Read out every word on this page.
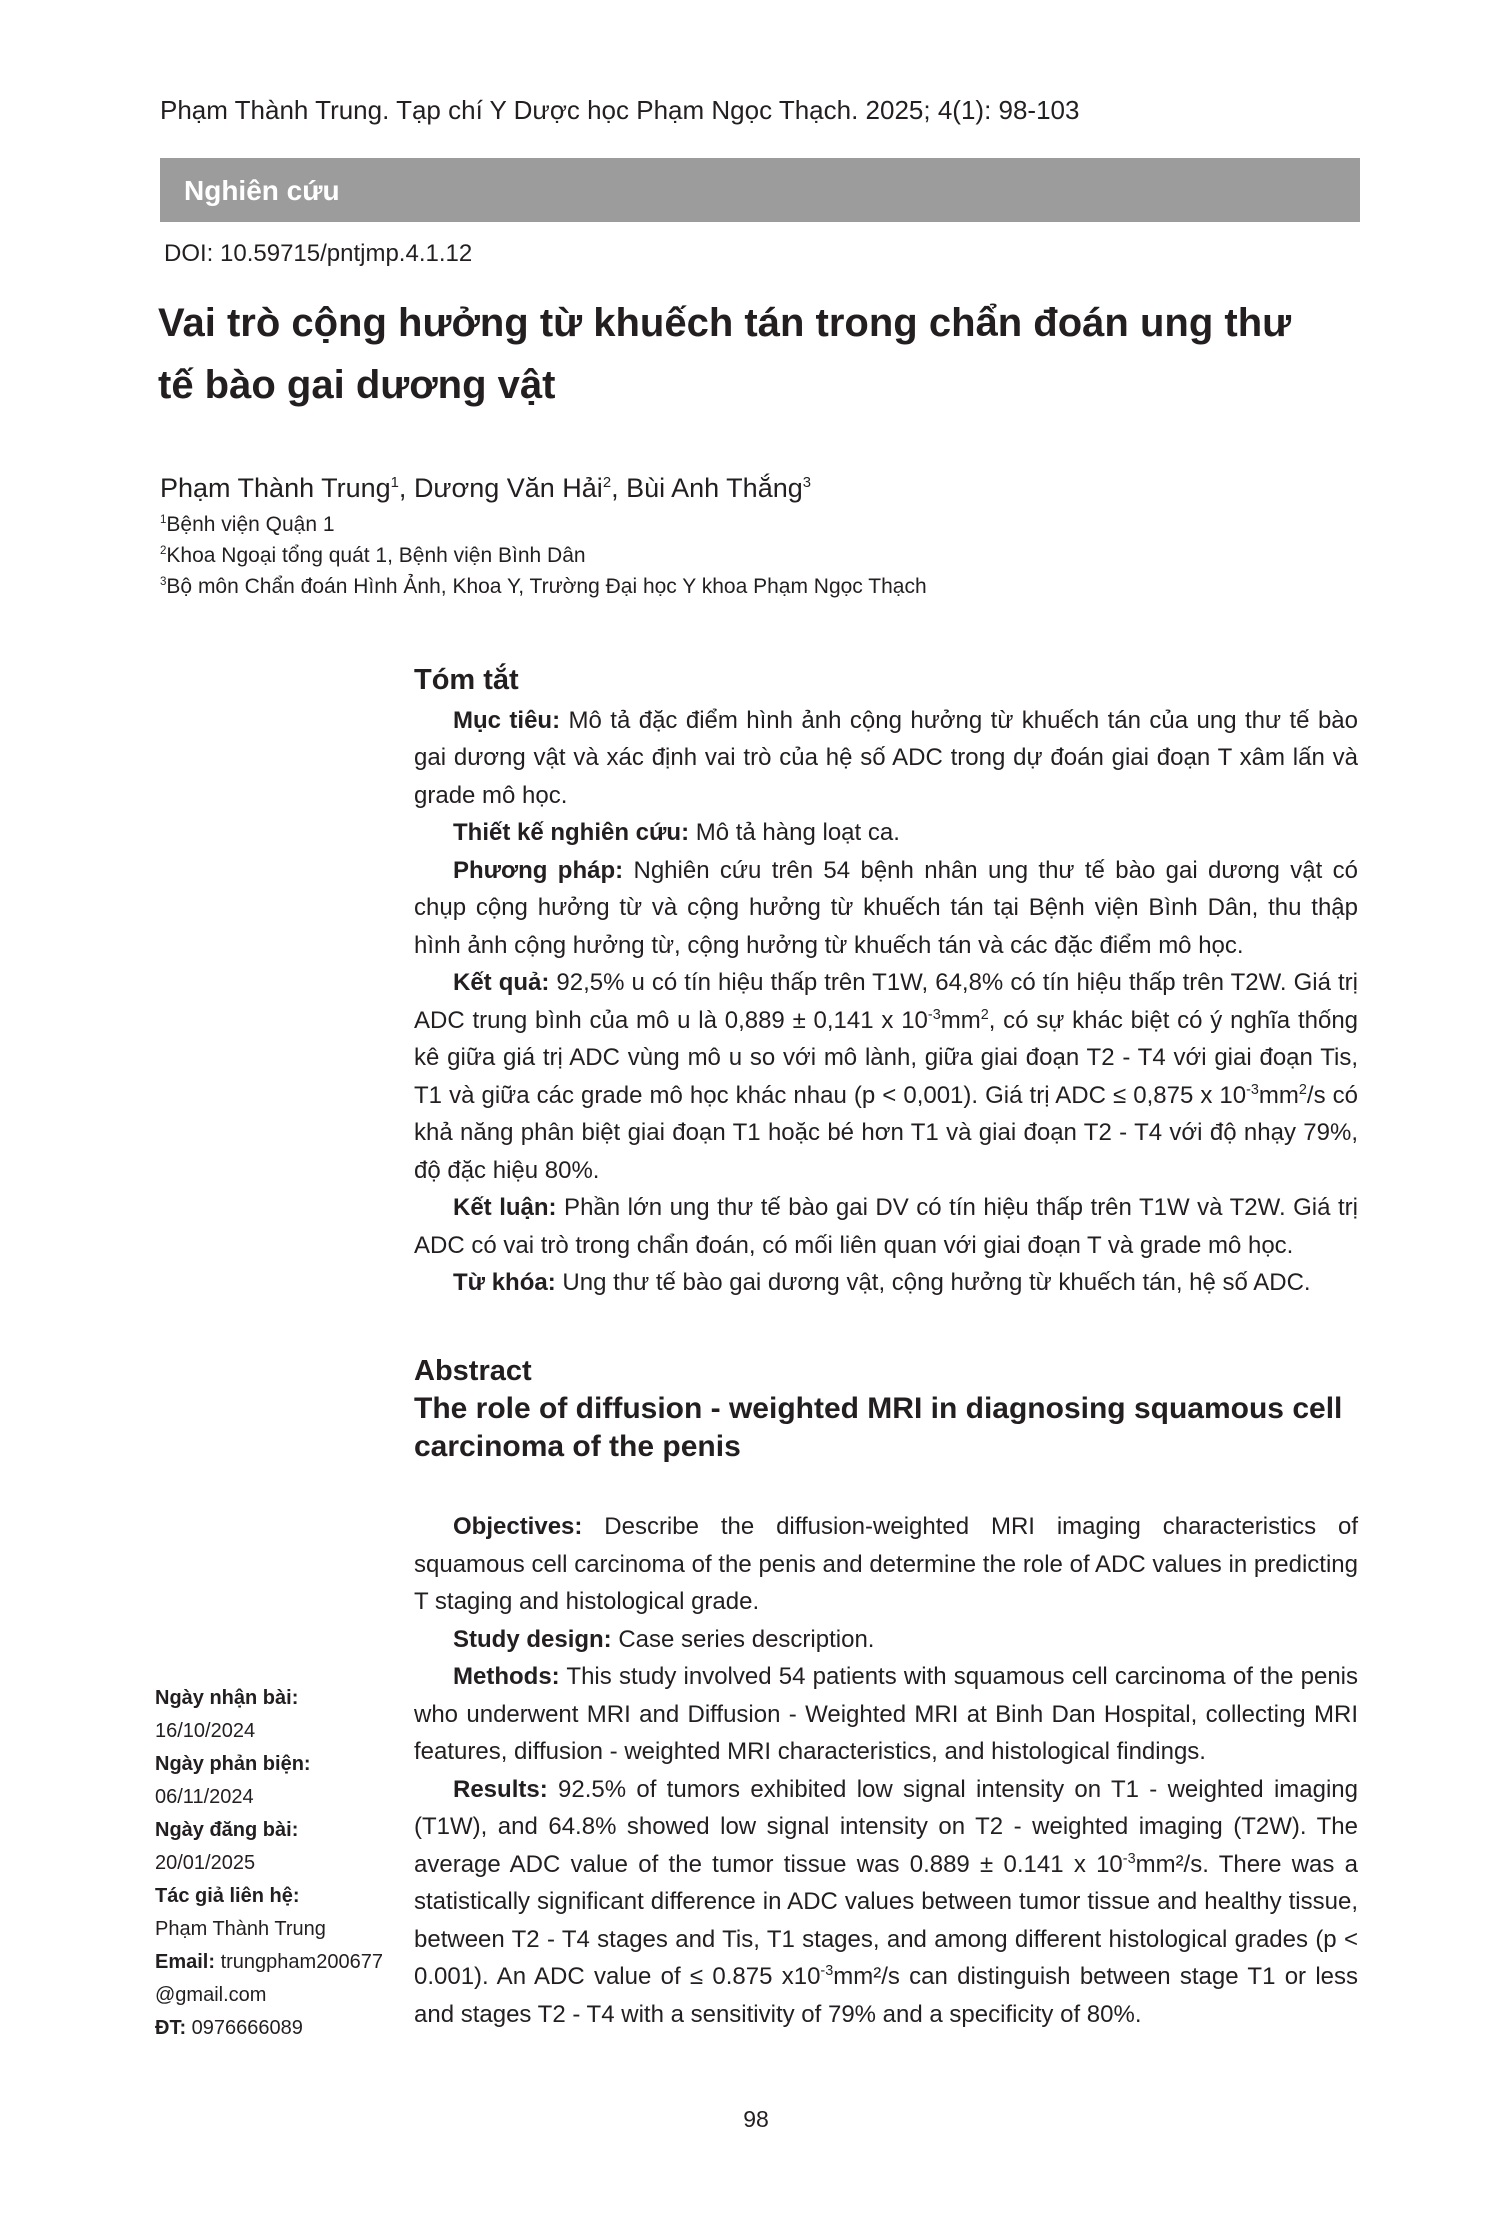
Phạm Thành Trung. Tạp chí Y Dược học Phạm Ngọc Thạch. 2025; 4(1): 98-103
Nghiên cứu
DOI: 10.59715/pntjmp.4.1.12
Vai trò cộng hưởng từ khuếch tán trong chẩn đoán ung thư
tế bào gai dương vật
Phạm Thành Trung$^1$, Dương Văn Hải$^2$, Bùi Anh Thắng$^3$
$^1$Bệnh viện Quận 1
$^2$Khoa Ngoại tổng quát 1, Bệnh viện Bình Dân
$^3$Bộ môn Chẩn đoán Hình Ảnh, Khoa Y, Trường Đại học Y khoa Phạm Ngọc Thạch
Tóm tắt

Mục tiêu: Mô tả đặc điểm hình ảnh cộng hưởng từ khuếch tán của ung thư tế bào gai dương vật và xác định vai trò của hệ số ADC trong dự đoán giai đoạn T xâm lấn và grade mô học.

Thiết kế nghiên cứu: Mô tả hàng loạt ca.

Phương pháp: Nghiên cứu trên 54 bệnh nhân ung thư tế bào gai dương vật có chụp cộng hưởng từ và cộng hưởng từ khuếch tán tại Bệnh viện Bình Dân, thu thập hình ảnh cộng hưởng từ, cộng hưởng từ khuếch tán và các đặc điểm mô học.

Kết quả: 92,5% u có tín hiệu thấp trên T1W, 64,8% có tín hiệu thấp trên T2W. Giá trị ADC trung bình của mô u là 0,889 ± 0,141 x $10^{-3}mm^2$, có sự khác biệt có ý nghĩa thống kê giữa giá trị ADC vùng mô u so với mô lành, giữa giai đoạn T2 - T4 với giai đoạn Tis, T1 và giữa các grade mô học khác nhau (p < 0,001). Giá trị ADC ≤ 0,875 x $10^{-3}mm^2/s$ có khả năng phân biệt giai đoạn T1 hoặc bé hơn T1 và giai đoạn T2 - T4 với độ nhạy 79%, độ đặc hiệu 80%.

Kết luận: Phần lớn ung thư tế bào gai DV có tín hiệu thấp trên T1W và T2W. Giá trị ADC có vai trò trong chẩn đoán, có mối liên quan với giai đoạn T và grade mô học.

Từ khóa: Ung thư tế bào gai dương vật, cộng hưởng từ khuếch tán, hệ số ADC.

Abstract
The role of diffusion - weighted MRI in diagnosing squamous cell carcinoma of the penis

Objectives: Describe the diffusion-weighted MRI imaging characteristics of squamous cell carcinoma of the penis and determine the role of ADC values in predicting T staging and histological grade.

Study design: Case series description.

Methods: This study involved 54 patients with squamous cell carcinoma of the penis who underwent MRI and Diffusion - Weighted MRI at Binh Dan Hospital, collecting MRI features, diffusion - weighted MRI characteristics, and histological findings.

Results: 92.5% of tumors exhibited low signal intensity on T1 - weighted imaging (T1W), and 64.8% showed low signal intensity on T2 - weighted imaging (T2W). The average ADC value of the tumor tissue was 0.889 ± 0.141 x $10^{-3}mm^2/s$. There was a statistically significant difference in ADC values between tumor tissue and healthy tissue, between T2 - T4 stages and Tis, T1 stages, and among different histological grades (p < 0.001). An ADC value of ≤ 0.875 $x10^{-3}mm^2/s$ can distinguish between stage T1 or less and stages T2 - T4 with a sensitivity of 79% and a specificity of 80%.

Ngày nhận bài:
16/10/2024
Ngày phản biện:
06/11/2024
Ngày đăng bài:
20/01/2025
Tác giả liên hệ:
Phạm Thành Trung
Email: trungpham200677
@gmail.com
ĐT: 0976666089
98
